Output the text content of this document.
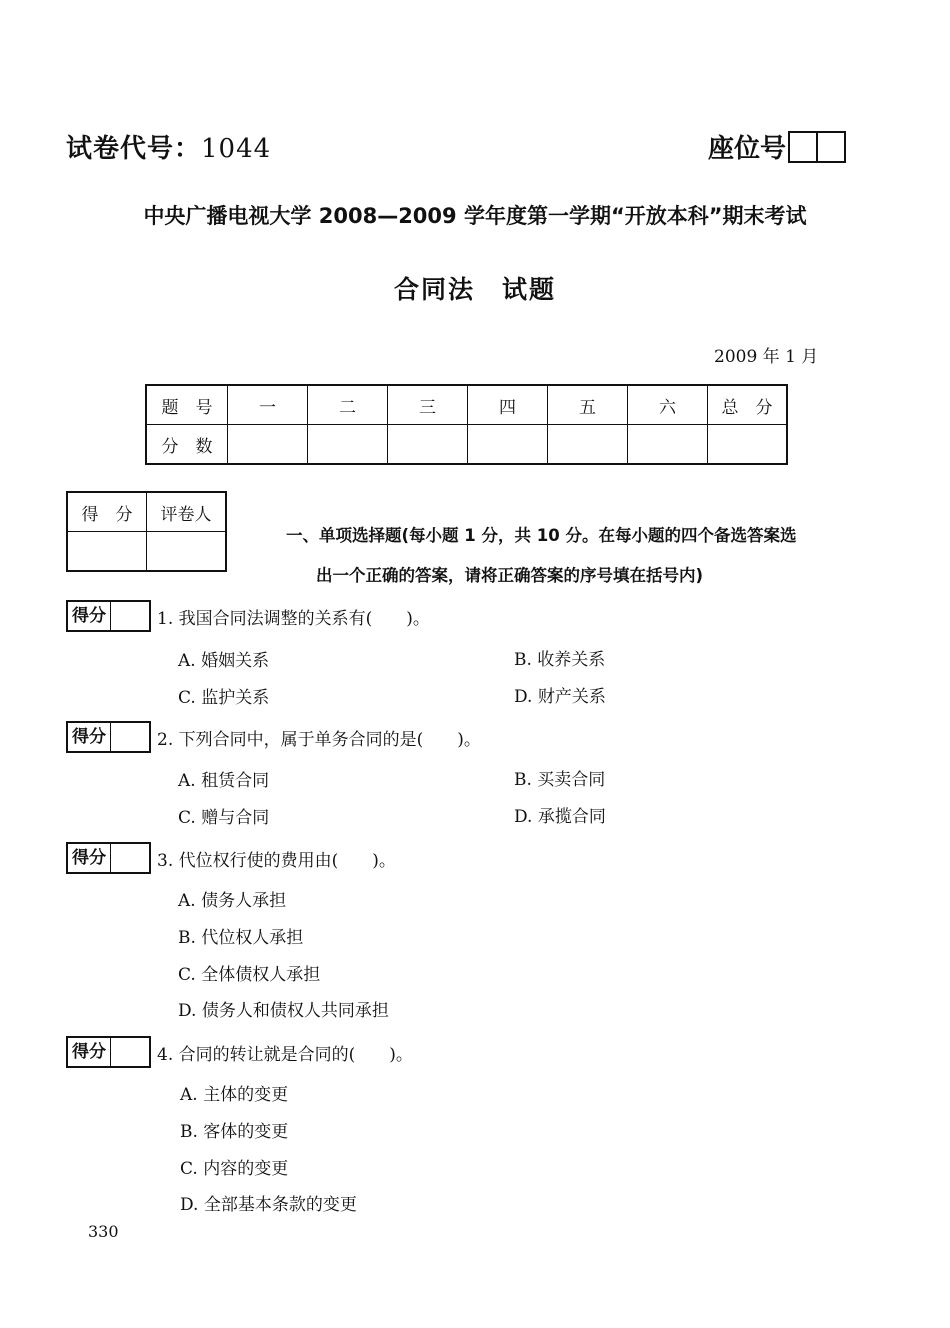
试卷代号：1044	座位号
中央广播电视大学 2008—2009 学年度第一学期“开放本科”期末考试
合同法　试题
2009 年 1 月
题　号	一	二	三	四	五	六	总　分
分　数							
得　分	评卷人

一、单项选择题(每小题 1 分，共 10 分。在每小题的四个备选答案选
出一个正确的答案，请将正确答案的序号填在括号内)
得分	1. 我国合同法调整的关系有(　　)。
A. 婚姻关系	B. 收养关系
C. 监护关系	D. 财产关系
得分	2. 下列合同中，属于单务合同的是(　　)。
A. 租赁合同	B. 买卖合同
C. 赠与合同	D. 承揽合同
得分	3. 代位权行使的费用由(　　)。
A. 债务人承担
B. 代位权人承担
C. 全体债权人承担
D. 债务人和债权人共同承担
得分	4. 合同的转让就是合同的(　　)。
A. 主体的变更
B. 客体的变更
C. 内容的变更
D. 全部基本条款的变更
330
